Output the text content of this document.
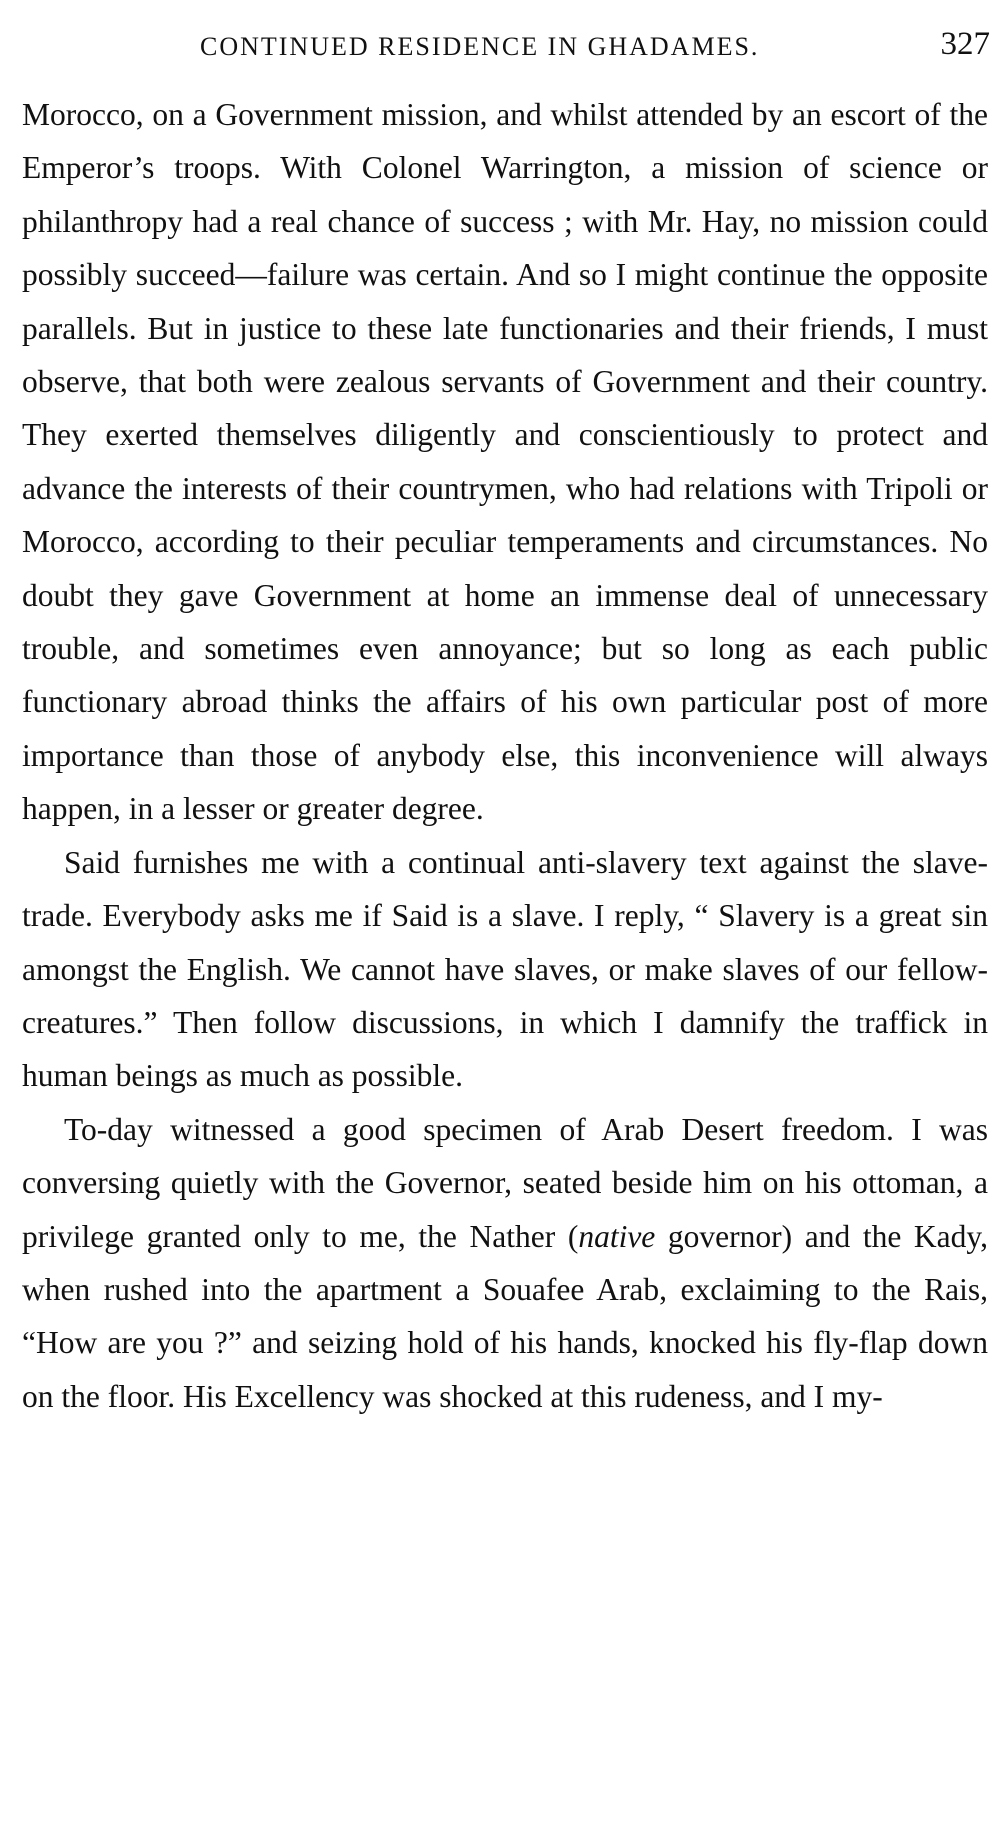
CONTINUED RESIDENCE IN GHADAMES.	327

Morocco, on a Government mission, and whilst attended by an escort of the Emperor’s troops. With Colonel Warrington, a mission of science or philanthropy had a real chance of success ; with Mr. Hay, no mission could possibly succeed—failure was certain. And so I might continue the opposite parallels. But in justice to these late functionaries and their friends, I must observe, that both were zealous servants of Government and their country. They exerted themselves diligently and conscientiously to protect and advance the interests of their countrymen, who had relations with Tripoli or Morocco, according to their peculiar temperaments and circumstances. No doubt they gave Government at home an immense deal of unnecessary trouble, and sometimes even annoyance; but so long as each public functionary abroad thinks the affairs of his own particular post of more importance than those of anybody else, this inconvenience will always happen, in a lesser or greater degree.

Said furnishes me with a continual anti-slavery text against the slave-trade. Everybody asks me if Said is a slave. I reply, “ Slavery is a great sin amongst the English. We cannot have slaves, or make slaves of our fellow-creatures.” Then follow discussions, in which I damnify the traffick in human beings as much as possible.

To-day witnessed a good specimen of Arab Desert freedom. I was conversing quietly with the Governor, seated beside him on his ottoman, a privilege granted only to me, the Nather (native governor) and the Kady, when rushed into the apartment a Souafee Arab, exclaiming to the Rais, “How are you ?” and seizing hold of his hands, knocked his fly-flap down on the floor. His Excellency was shocked at this rudeness, and I my-
